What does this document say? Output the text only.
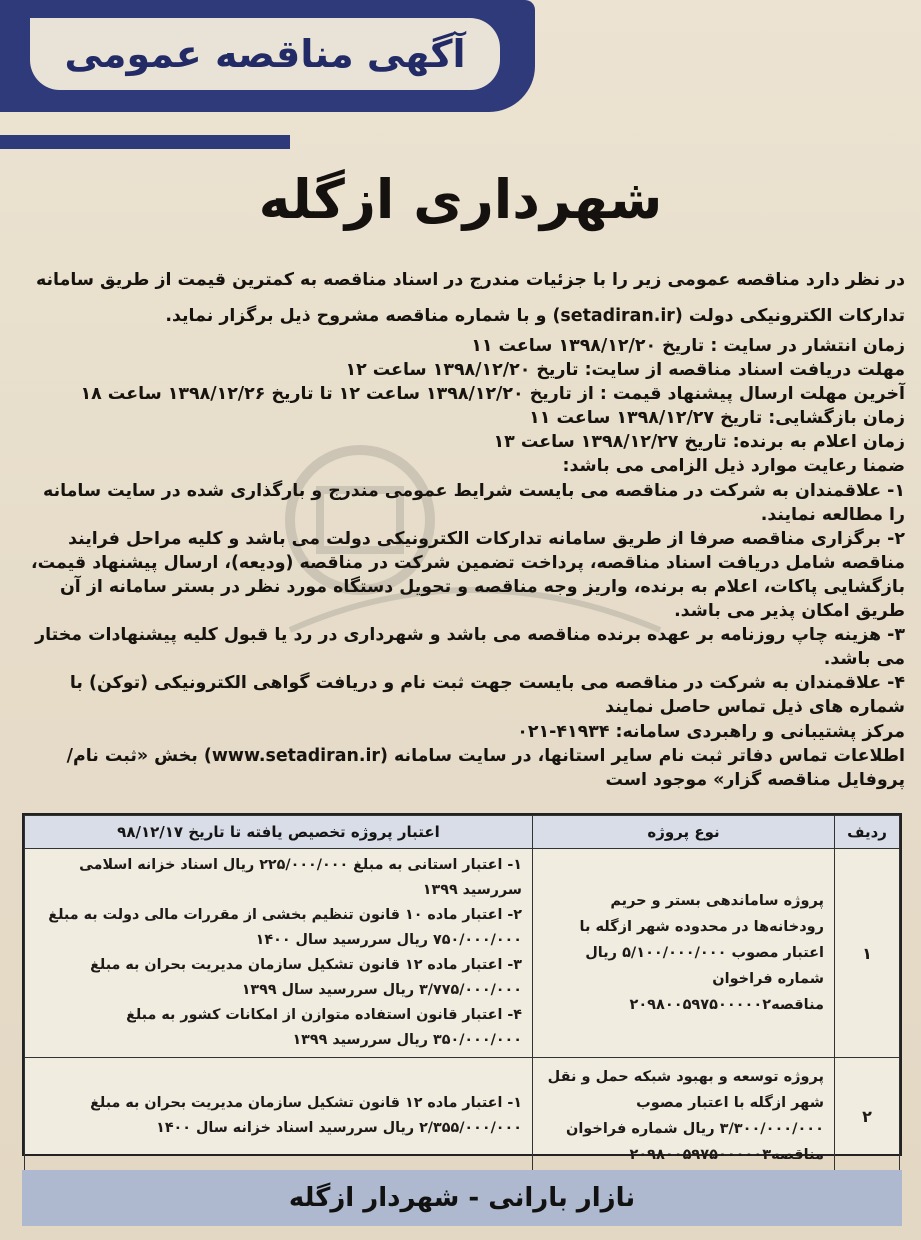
آگهی مناقصه عمومی
شهرداری ازگله

در نظر دارد مناقصه عمومی زیر را با جزئیات مندرج در اسناد مناقصه به کمترین قیمت از طریق سامانه تدارکات الکترونیکی دولت (setadiran.ir) و با شماره مناقصه مشروح ذیل برگزار نماید.

زمان انتشار در سایت : تاریخ ۱۳۹۸/۱۲/۲۰ ساعت ۱۱

مهلت دریافت اسناد مناقصه از سایت: تاریخ ۱۳۹۸/۱۲/۲۰ ساعت ۱۲

آخرین مهلت ارسال پیشنهاد قیمت : از تاریخ ۱۳۹۸/۱۲/۲۰ ساعت ۱۲ تا تاریخ ۱۳۹۸/۱۲/۲۶ ساعت ۱۸

زمان بازگشایی: تاریخ ۱۳۹۸/۱۲/۲۷ ساعت ۱۱

زمان اعلام به برنده: تاریخ ۱۳۹۸/۱۲/۲۷ ساعت ۱۳

ضمنا رعایت موارد ذیل الزامی می باشد:

۱- علاقمندان به شرکت در مناقصه می بایست شرایط عمومی مندرج و بارگذاری شده در سایت سامانه را مطالعه نمایند.

۲- برگزاری مناقصه صرفا از طریق سامانه تدارکات الکترونیکی دولت می باشد و کلیه مراحل فرایند مناقصه شامل دریافت اسناد مناقصه، پرداخت تضمین شرکت در مناقصه (ودیعه)، ارسال پیشنهاد قیمت، بازگشایی پاکات، اعلام به برنده، واریز وجه مناقصه و تحویل دستگاه مورد نظر در بستر سامانه از آن طریق امکان پذیر می باشد.

۳- هزینه چاپ روزنامه بر عهده برنده مناقصه می باشد و شهرداری در رد یا قبول کلیه پیشنهادات مختار می باشد.

۴- علاقمندان به شرکت در مناقصه می بایست جهت ثبت نام و دریافت گواهی الکترونیکی (توکن) با شماره های ذیل تماس حاصل نمایند

مرکز پشتیبانی و راهبردی سامانه: ۴۱۹۳۴-۰۲۱

اطلاعات تماس دفاتر ثبت نام سایر استانها، در سایت سامانه (www.setadiran.ir) بخش «ثبت نام/ پروفایل مناقصه گزار» موجود است

ردیف	نوع پروژه	اعتبار پروژه تخصیص یافته تا تاریخ ۹۸/۱۲/۱۷
۱	پروژه ساماندهی بستر و حریم رودخانه‌ها در محدوده شهر ازگله با اعتبار مصوب ۵/۱۰۰/۰۰۰/۰۰۰ ریال شماره فراخوان مناقصه۲۰۹۸۰۰۵۹۷۵۰۰۰۰۰۲	۱- اعتبار استانی به مبلغ ۲۲۵/۰۰۰/۰۰۰ ریال اسناد خزانه اسلامی سررسید ۱۳۹۹
۲- اعتبار ماده ۱۰ قانون تنظیم بخشی از مقررات مالی دولت به مبلغ ۷۵۰/۰۰۰/۰۰۰ ریال سررسید سال ۱۴۰۰
۳- اعتبار ماده ۱۲ قانون تشکیل سازمان مدیریت بحران به مبلغ ۳/۷۷۵/۰۰۰/۰۰۰ ریال سررسید سال ۱۳۹۹
۴- اعتبار قانون استفاده متوازن از امکانات کشور به مبلغ ۳۵۰/۰۰۰/۰۰۰ ریال سررسید ۱۳۹۹

۲	پروژه توسعه و بهبود شبکه حمل و نقل شهر ازگله با اعتبار مصوب ۳/۳۰۰/۰۰۰/۰۰۰ ریال شماره فراخوان مناقصه۲۰۹۸۰۰۵۹۷۵۰۰۰۰۰۳	۱- اعتبار ماده ۱۲ قانون تشکیل سازمان مدیریت بحران به مبلغ ۲/۳۵۵/۰۰۰/۰۰۰ ریال سررسید اسناد خزانه سال ۱۴۰۰
نازار بارانی - شهردار ازگله
